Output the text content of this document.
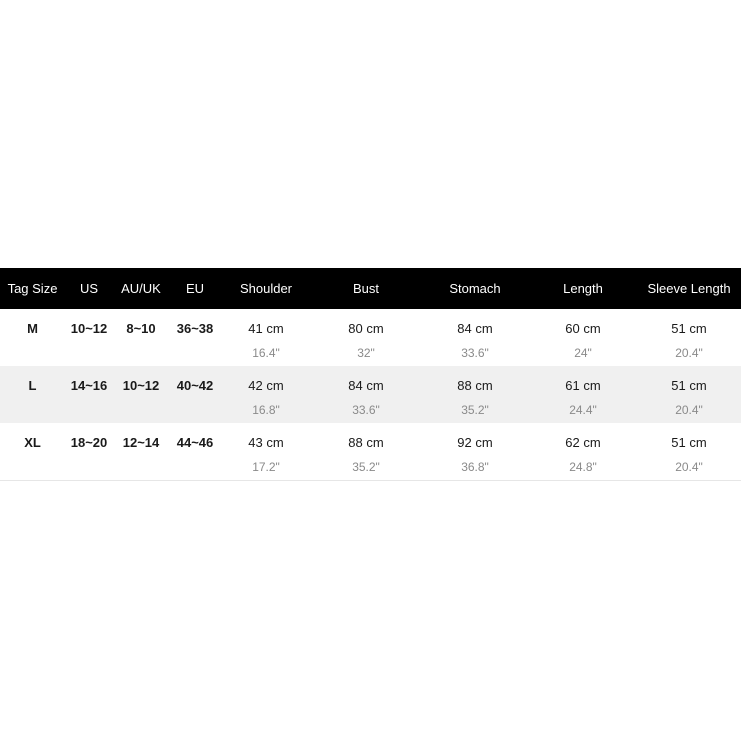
Tag Size	US	AU/UK	EU	Shoulder	Bust	Stomach	Length	Sleeve Length
M	10~12	8~10	36~38	41 cm	80 cm	84 cm	60 cm	51 cm
				16.4"	32"	33.6"	24"	20.4"
L	14~16	10~12	40~42	42 cm	84 cm	88 cm	61 cm	51 cm
				16.8"	33.6"	35.2"	24.4"	20.4"
XL	18~20	12~14	44~46	43 cm	88 cm	92 cm	62 cm	51 cm
				17.2"	35.2"	36.8"	24.8"	20.4"
